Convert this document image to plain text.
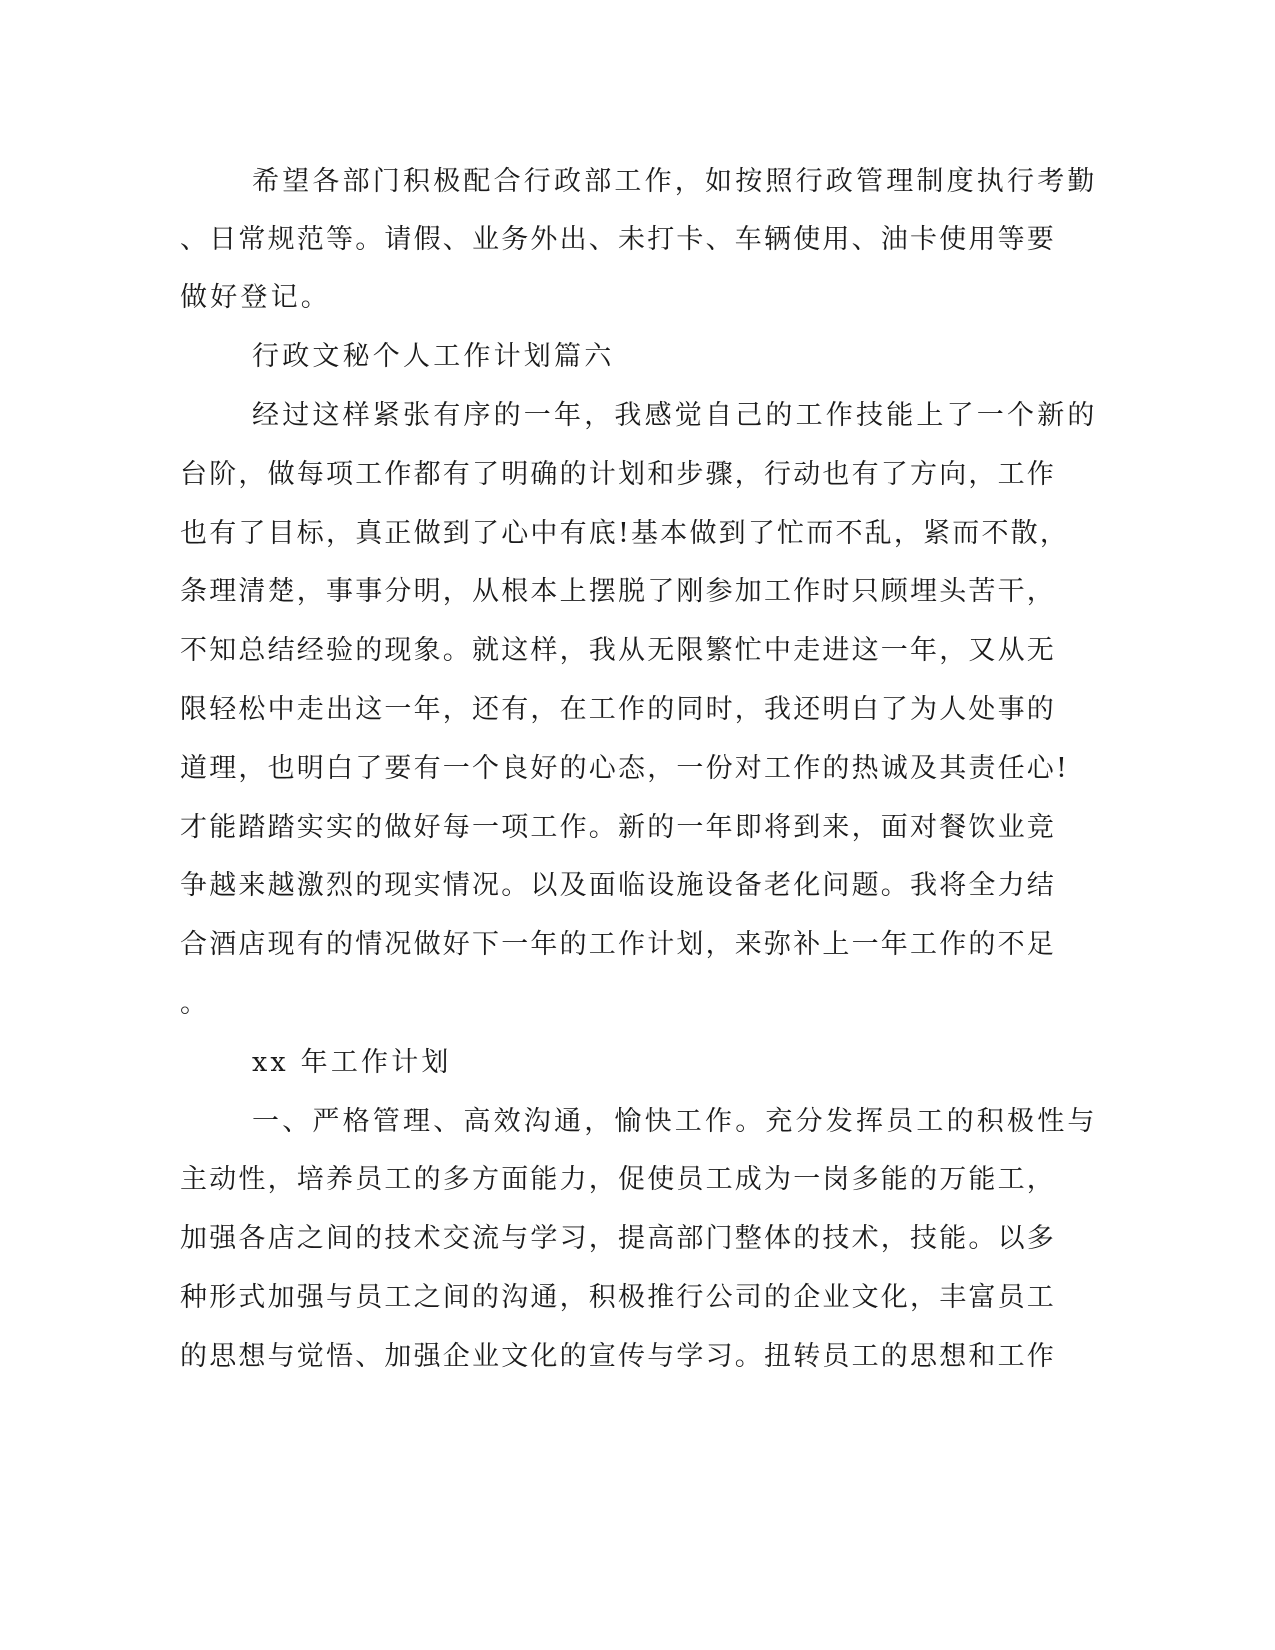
希望各部门积极配合行政部工作，如按照行政管理制度执行考勤
、日常规范等。请假、业务外出、未打卡、车辆使用、油卡使用等要
做好登记。
行政文秘个人工作计划篇六
经过这样紧张有序的一年，我感觉自己的工作技能上了一个新的
台阶，做每项工作都有了明确的计划和步骤，行动也有了方向，工作
也有了目标，真正做到了心中有底!基本做到了忙而不乱，紧而不散，
条理清楚，事事分明，从根本上摆脱了刚参加工作时只顾埋头苦干，
不知总结经验的现象。就这样，我从无限繁忙中走进这一年，又从无
限轻松中走出这一年，还有，在工作的同时，我还明白了为人处事的
道理，也明白了要有一个良好的心态，一份对工作的热诚及其责任心!
才能踏踏实实的做好每一项工作。新的一年即将到来，面对餐饮业竞
争越来越激烈的现实情况。以及面临设施设备老化问题。我将全力结
合酒店现有的情况做好下一年的工作计划，来弥补上一年工作的不足
。
xx 年工作计划
一、严格管理、高效沟通，愉快工作。充分发挥员工的积极性与
主动性，培养员工的多方面能力，促使员工成为一岗多能的万能工，
加强各店之间的技术交流与学习，提高部门整体的技术，技能。以多
种形式加强与员工之间的沟通，积极推行公司的企业文化，丰富员工
的思想与觉悟、加强企业文化的宣传与学习。扭转员工的思想和工作
